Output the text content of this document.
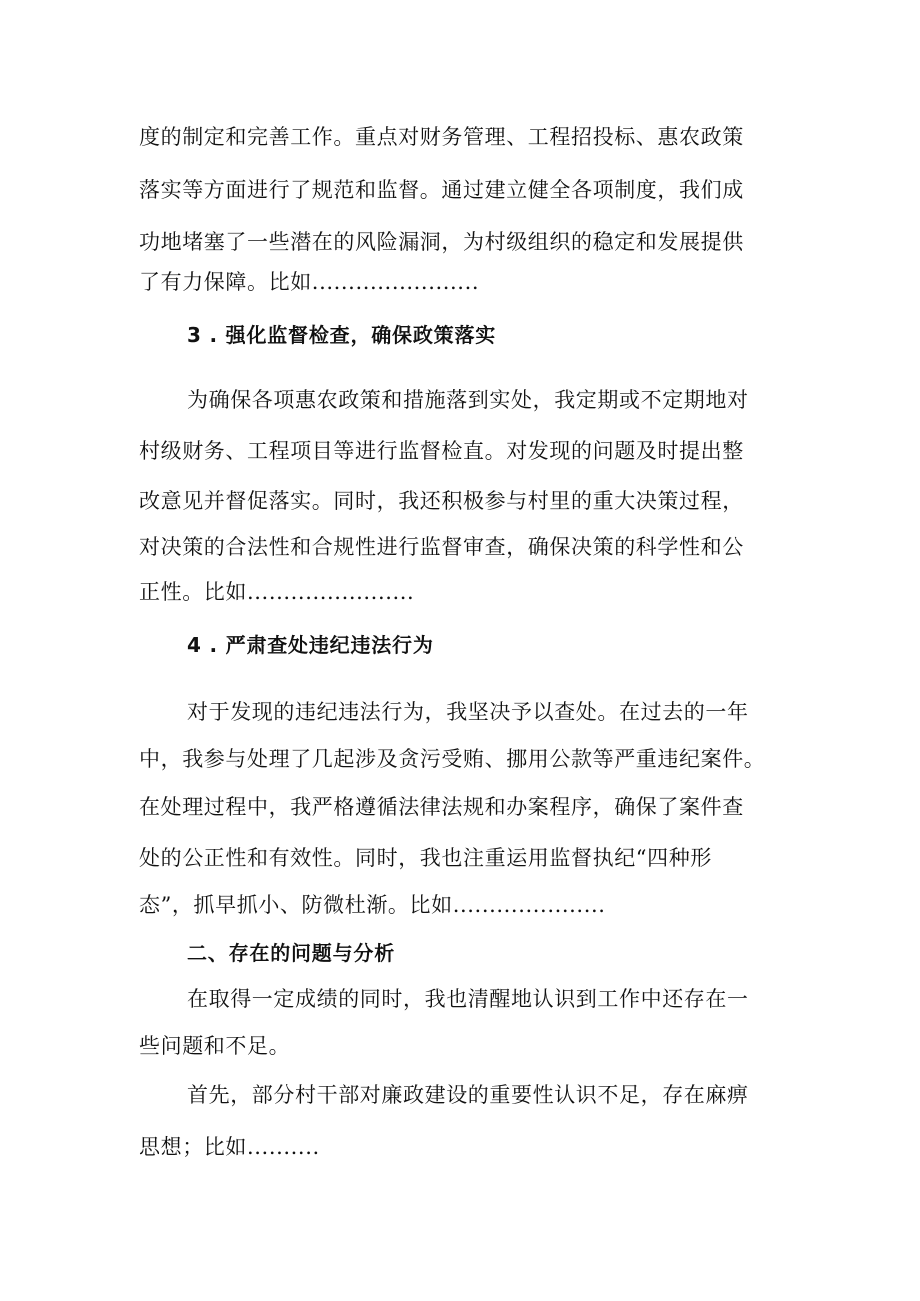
度的制定和完善工作。重点对财务管理、工程招投标、惠农政策
落实等方面进行了规范和监督。通过建立健全各项制度，我们成
功地堵塞了一些潜在的风险漏洞，为村级组织的稳定和发展提供
了有力保障。比如.......................
3 . 强化监督检查，确保政策落实
为确保各项惠农政策和措施落到实处，我定期或不定期地对
村级财务、工程项目等进行监督检直。对发现的问题及时提出整
改意见并督促落实。同时，我还积极参与村里的重大决策过程，
对决策的合法性和合规性进行监督审查，确保决策的科学性和公
正性。比如.......................
4 . 严肃查处违纪违法行为
对于发现的违纪违法行为，我坚决予以查处。在过去的一年
中，我参与处理了几起涉及贪污受贿、挪用公款等严重违纪案件。
在处理过程中，我严格遵循法律法规和办案程序，确保了案件查
处的公正性和有效性。同时，我也注重运用监督执纪“四种形
态”，抓早抓小、防微杜渐。比如.....................
二、存在的问题与分析
在取得一定成绩的同时，我也清醒地认识到工作中还存在一
些问题和不足。
首先，部分村干部对廉政建设的重要性认识不足，存在麻痹
思想；比如..........
